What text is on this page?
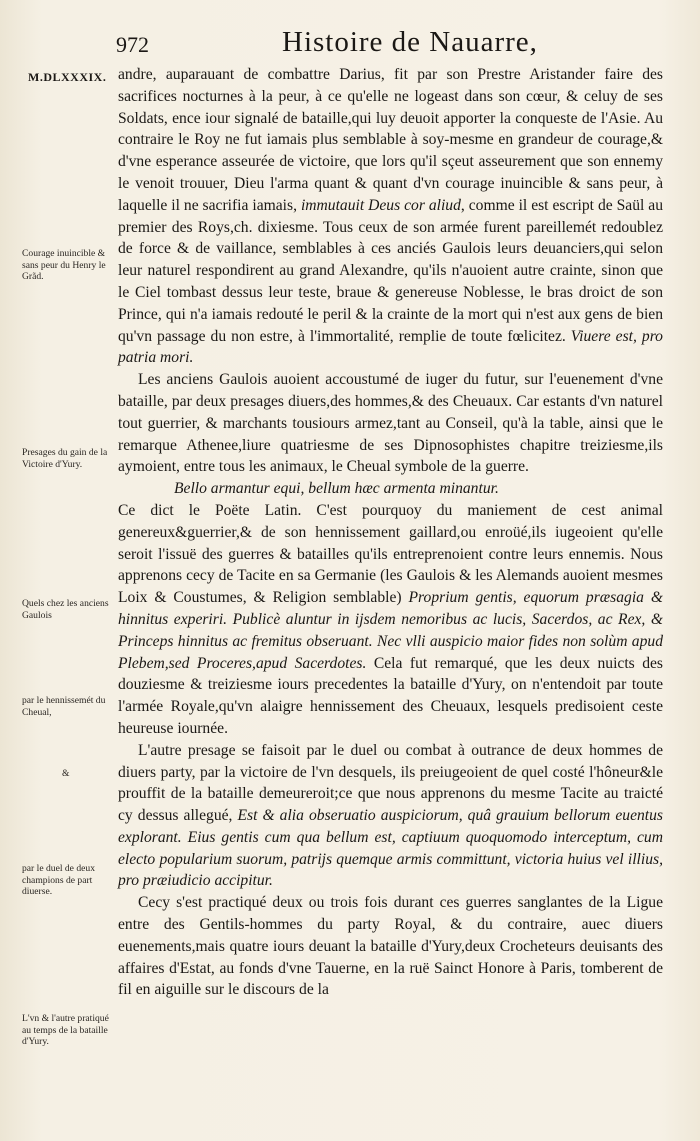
972	Histoire de Nauarre,
M.DLXXXIX.
Courage inuincible & sans peur du Henry le Grãd.
Presages du gain de la Victoire d'Yury.
Quels chez les anciens Gaulois
par le hennissemét du Cheual,
&
par le duel de deux champions de part diuerse.
L'vn & l'autre pratiqué au temps de la bataille d'Yury.

andre, auparauant de combattre Darius, fit par son Prestre Aristander faire des sacrifices nocturnes à la peur, à ce qu'elle ne logeast dans son cœur, & celuy de ses Soldats, ence iour signalé de bataille,qui luy deuoit apporter la conqueste de l'Asie. Au contraire le Roy ne fut iamais plus semblable à soy-mesme en grandeur de courage,& d'vne esperance asseurée de victoire, que lors qu'il sçeut asseurement que son ennemy le venoit trouuer, Dieu l'arma quant & quant d'vn courage inuincible & sans peur, à laquelle il ne sacrifia iamais, immutauit Deus cor aliud, comme il est escript de Saül au premier des Roys,ch. dixiesme. Tous ceux de son armée furent pareillemét redoublez de force & de vaillance, semblables à ces anciés Gaulois leurs deuanciers,qui selon leur naturel respondirent au grand Alexandre, qu'ils n'auoient autre crainte, sinon que le Ciel tombast dessus leur teste, braue & genereuse Noblesse, le bras droict de son Prince, qui n'a iamais redouté le peril & la crainte de la mort qui n'est aux gens de bien qu'vn passage du non estre, à l'immortalité, remplie de toute fœlicitez. Viuere est, pro patria mori.

Les anciens Gaulois auoient accoustumé de iuger du futur, sur l'euenement d'vne bataille, par deux presages diuers,des hommes,& des Cheuaux. Car estants d'vn naturel tout guerrier, & marchants tousiours armez,tant au Conseil, qu'à la table, ainsi que le remarque Athenee,liure quatriesme de ses Dipnosophistes chapitre treiziesme,ils aymoient, entre tous les animaux, le Cheual symbole de la guerre.

Bello armantur equi, bellum hæc armenta minantur.

Ce dict le Poëte Latin. C'est pourquoy du maniement de cest animal genereux&guerrier,& de son hennissement gaillard,ou enroüé,ils iugeoient qu'elle seroit l'issuë des guerres & batailles qu'ils entreprenoient contre leurs ennemis. Nous apprenons cecy de Tacite en sa Germanie (les Gaulois & les Alemands auoient mesmes Loix & Coustumes, & Religion semblable) Proprium gentis, equorum præsagia & hinnitus experiri. Publicè aluntur in ijsdem nemoribus ac lucis, Sacerdos, ac Rex, & Princeps hinnitus ac fremitus obseruant. Nec vlli auspicio maior fides non solùm apud Plebem,sed Proceres,apud Sacerdotes. Cela fut remarqué, que les deux nuicts des douziesme & treiziesme iours precedentes la bataille d'Yury, on n'entendoit par toute l'armée Royale,qu'vn alaigre hennissement des Cheuaux, lesquels predisoient ceste heureuse iournée.

L'autre presage se faisoit par le duel ou combat à outrance de deux hommes de diuers party, par la victoire de l'vn desquels, ils preiugeoient de quel costé l'hôneur&le prouffit de la bataille demeureroit;ce que nous apprenons du mesme Tacite au traicté cy dessus allegué, Est & alia obseruatio auspiciorum, quâ grauium bellorum euentus explorant. Eius gentis cum qua bellum est, captiuum quoquomodo interceptum, cum electo popularium suorum, patrijs quemque armis committunt, victoria huius vel illius, pro præiudicio accipitur.

Cecy s'est practiqué deux ou trois fois durant ces guerres sanglantes de la Ligue entre des Gentils-hommes du party Royal, & du contraire, auec diuers euenements,mais quatre iours deuant la bataille d'Yury,deux Crocheteurs deuisants des affaires d'Estat, au fonds d'vne Tauerne, en la ruë Sainct Honore à Paris, tomberent de fil en aiguille sur le discours de la
